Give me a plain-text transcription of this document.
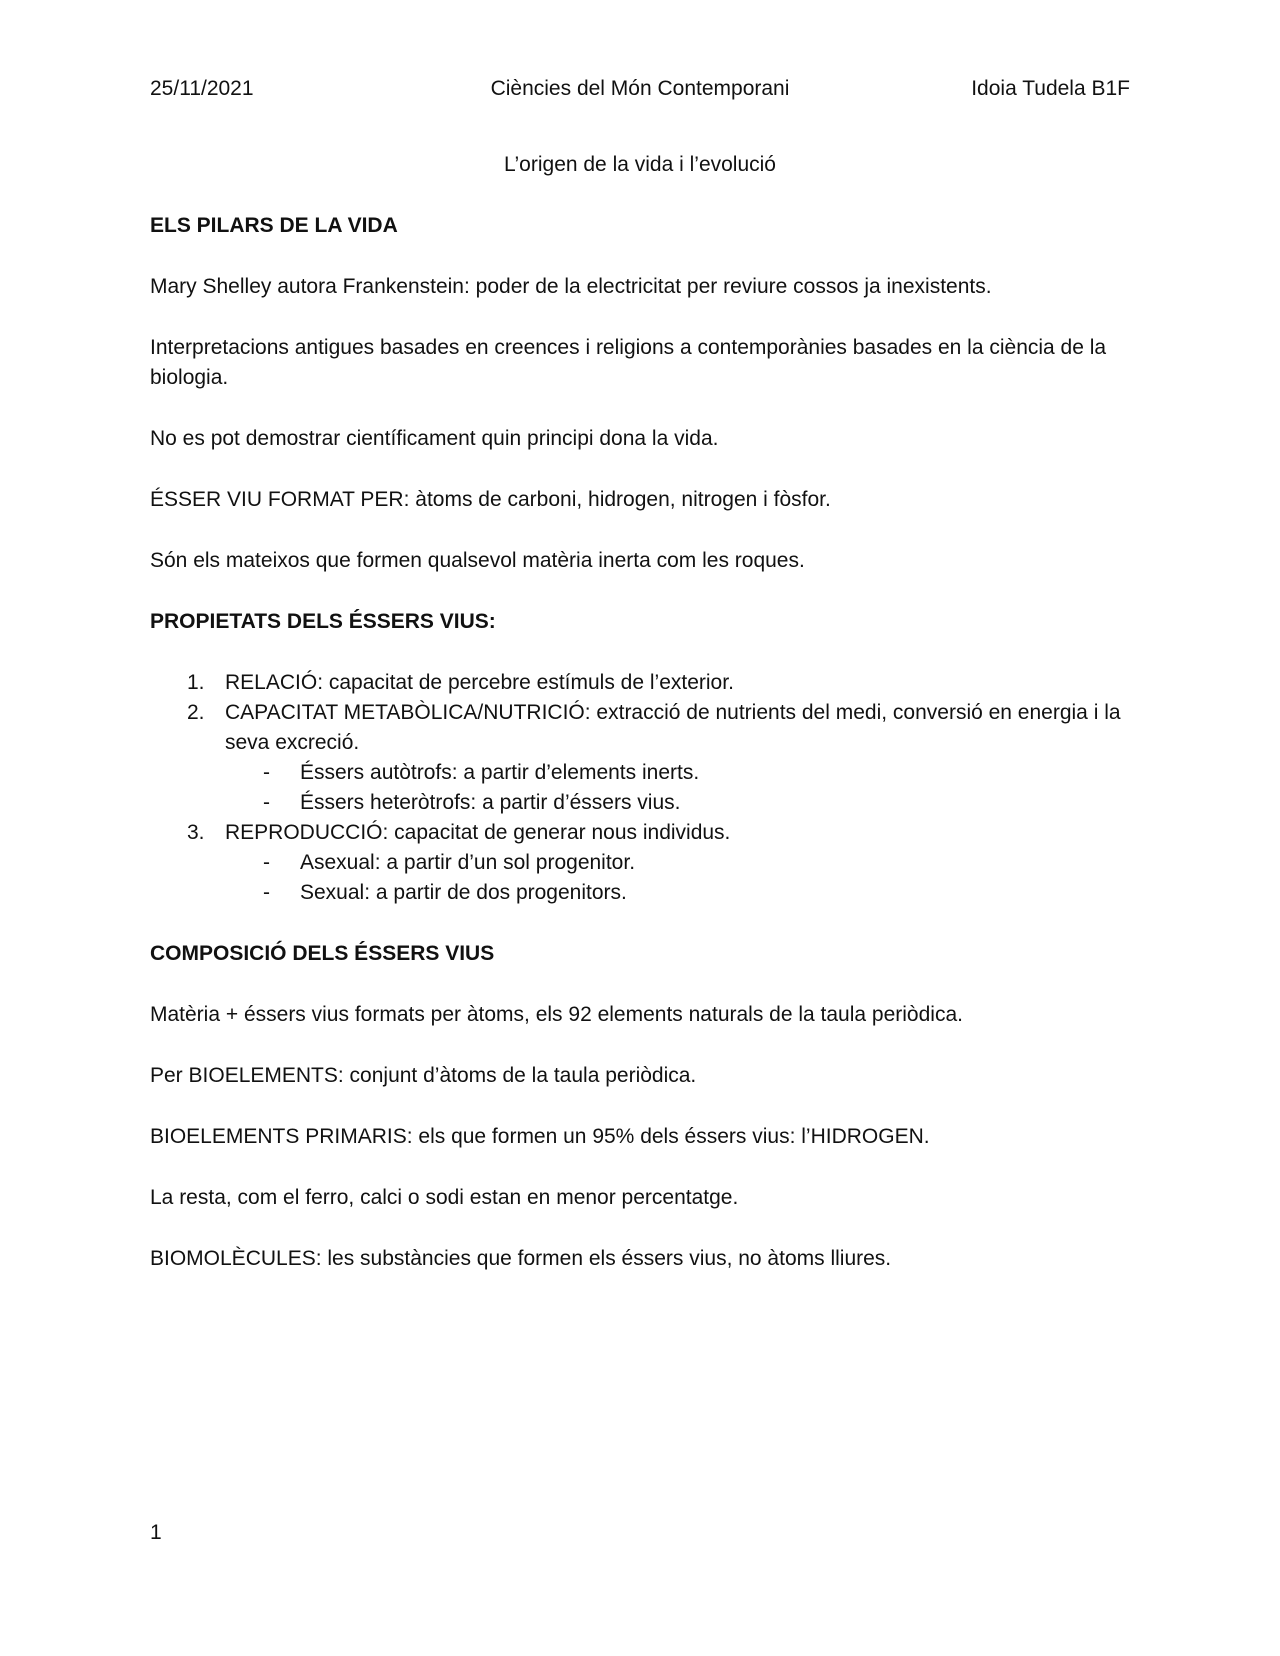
25/11/2021	Ciències del Món Contemporani	Idoia Tudela B1F
L’origen de la vida i l’evolució
ELS PILARS DE LA VIDA

Mary Shelley autora Frankenstein: poder de la electricitat per reviure cossos ja inexistents.

Interpretacions antigues basades en creences i religions a contemporànies basades en la ciència de la biologia.

No es pot demostrar científicament quin principi dona la vida.

ÉSSER VIU FORMAT PER: àtoms de carboni, hidrogen, nitrogen i fòsfor.

Són els mateixos que formen qualsevol matèria inerta com les roques.

PROPIETATS DELS ÉSSERS VIUS:
1. RELACIÓ: capacitat de percebre estímuls de l’exterior.
2. CAPACITAT METABÒLICA/NUTRICIÓ: extracció de nutrients del medi, conversió en energia i la seva excreció.
- Éssers autòtrofs: a partir d’elements inerts.
- Éssers heteròtrofs: a partir d’éssers vius.
3. REPRODUCCIÓ: capacitat de generar nous individus.
- Asexual: a partir d’un sol progenitor.
- Sexual: a partir de dos progenitors.
COMPOSICIÓ DELS ÉSSERS VIUS

Matèria + éssers vius formats per àtoms, els 92 elements naturals de la taula periòdica.

Per BIOELEMENTS: conjunt d’àtoms de la taula periòdica.

BIOELEMENTS PRIMARIS: els que formen un 95% dels éssers vius: l’HIDROGEN.

La resta, com el ferro, calci o sodi estan en menor percentatge.

BIOMOLÈCULES: les substàncies que formen els éssers vius, no àtoms lliures.

1
